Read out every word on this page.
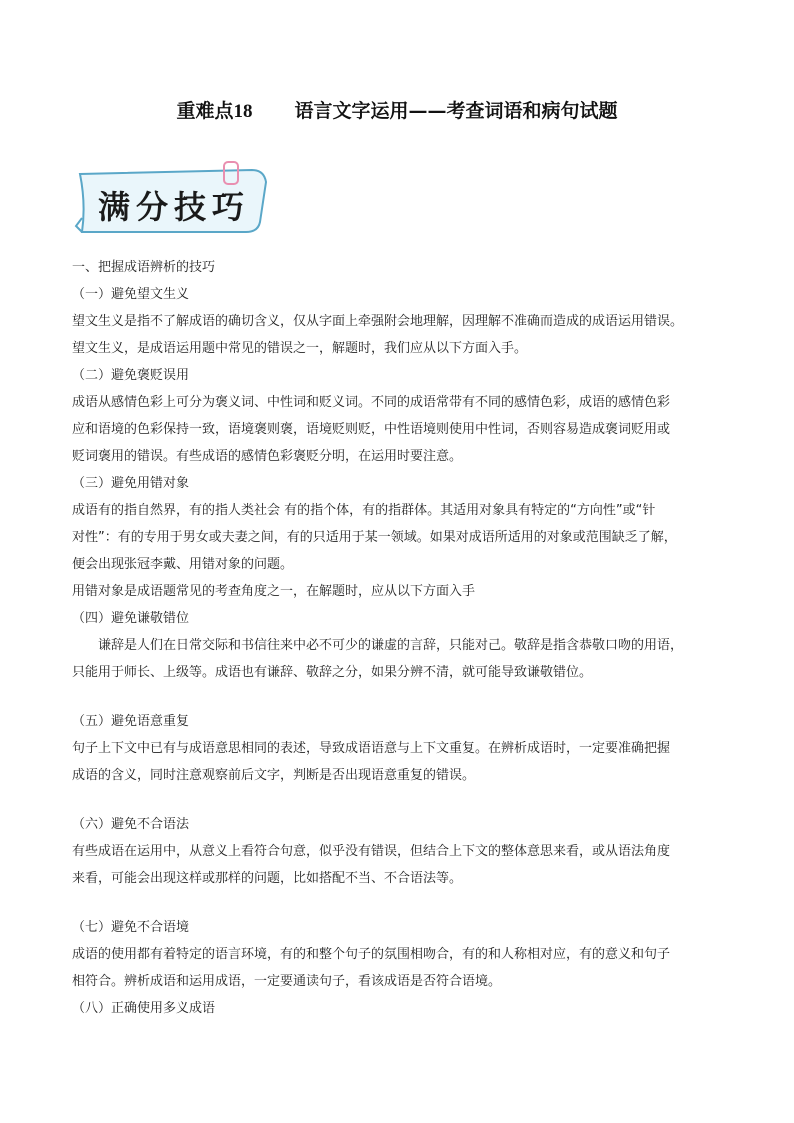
重难点18 语言文字运用——考查词语和病句试题
满分技巧

一、把握成语辨析的技巧

（一）避免望文生义

望文生义是指不了解成语的确切含义，仅从字面上牵强附会地理解，因理解不准确而造成的成语运用错误。

望文生义，是成语运用题中常见的错误之一，解题时，我们应从以下方面入手。

（二）避免褒贬误用

成语从感情色彩上可分为褒义词、中性词和贬义词。不同的成语常带有不同的感情色彩，成语的感情色彩

应和语境的色彩保持一致，语境褒则褒，语境贬则贬，中性语境则使用中性词，否则容易造成褒词贬用或

贬词褒用的错误。有些成语的感情色彩褒贬分明，在运用时要注意。

（三）避免用错对象

成语有的指自然界，有的指人类社会 有的指个体，有的指群体。其适用对象具有特定的“方向性”或“针

对性”：有的专用于男女或夫妻之间，有的只适用于某一领域。如果对成语所适用的对象或范围缺乏了解，

便会出现张冠李戴、用错对象的问题。

用错对象是成语题常见的考查角度之一，在解题时，应从以下方面入手

（四）避免谦敬错位

谦辞是人们在日常交际和书信往来中必不可少的谦虚的言辞，只能对己。敬辞是指含恭敬口吻的用语，

只能用于师长、上级等。成语也有谦辞、敬辞之分，如果分辨不清，就可能导致谦敬错位。

（五）避免语意重复

句子上下文中已有与成语意思相同的表述，导致成语语意与上下文重复。在辨析成语时，一定要准确把握

成语的含义，同时注意观察前后文字，判断是否出现语意重复的错误。

（六）避免不合语法

有些成语在运用中，从意义上看符合句意，似乎没有错误，但结合上下文的整体意思来看，或从语法角度

来看，可能会出现这样或那样的问题，比如搭配不当、不合语法等。

（七）避免不合语境

成语的使用都有着特定的语言环境，有的和整个句子的氛围相吻合，有的和人称相对应，有的意义和句子

相符合。辨析成语和运用成语，一定要通读句子，看该成语是否符合语境。

（八）正确使用多义成语
